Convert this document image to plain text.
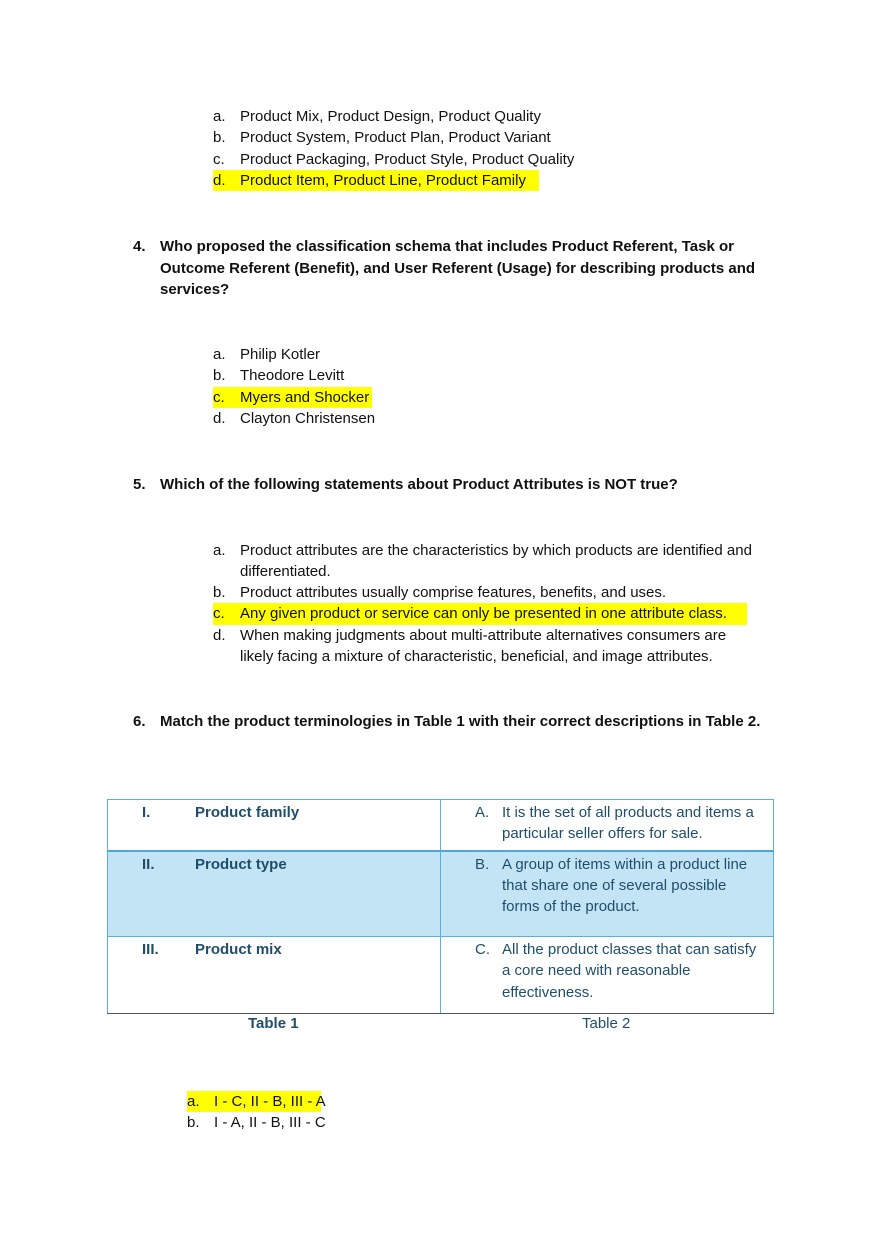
a. Product Mix, Product Design, Product Quality
b. Product System, Product Plan, Product Variant
c. Product Packaging, Product Style, Product Quality
d. Product Item, Product Line, Product Family
4. Who proposed the classification schema that includes Product Referent, Task or Outcome Referent (Benefit), and User Referent (Usage) for describing products and services?
a. Philip Kotler
b. Theodore Levitt
c. Myers and Shocker
d. Clayton Christensen
5. Which of the following statements about Product Attributes is NOT true?
a. Product attributes are the characteristics by which products are identified and differentiated.
b. Product attributes usually comprise features, benefits, and uses.
c. Any given product or service can only be presented in one attribute class.
d. When making judgments about multi-attribute alternatives consumers are likely facing a mixture of characteristic, beneficial, and image attributes.
6. Match the product terminologies in Table 1 with their correct descriptions in Table 2.
I. Product family	A. It is the set of all products and items a particular seller offers for sale.

II. Product type	B. A group of items within a product line that share one of several possible forms of the product.

III. Product mix	C. All the product classes that can satisfy a core need with reasonable effectiveness.
Table 1	Table 2
a. I - C, II - B, III - A
b. I - A, II - B, III - C
